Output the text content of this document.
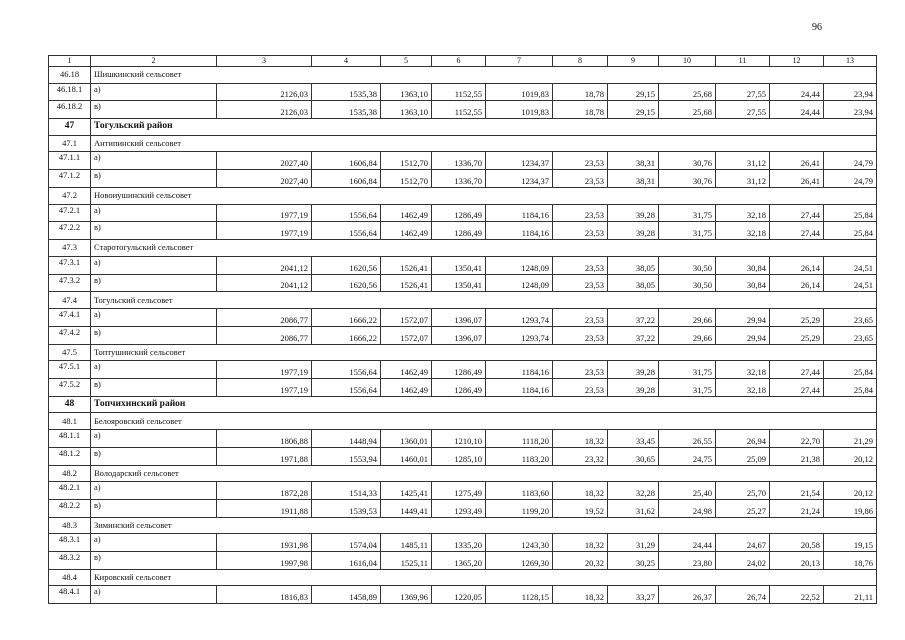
96
1	2	3	4	5	6	7	8	9	10	11	12	13
46.18	Шишкинский сельсовет											
46.18.1	а)	2126,03	1535,38	1363,10	1152,55	1019,83	18,78	29,15	25,68	27,55	24,44	23,94
46.18.2	в)	2126,03	1535,38	1363,10	1152,55	1019,83	18,78	29,15	25,68	27,55	24,44	23,94
47	Тогульский район											
47.1	Антипинский сельсовет											
47.1.1	а)	2027,40	1606,84	1512,70	1336,70	1234,37	23,53	38,31	30,76	31,12	26,41	24,79
47.1.2	в)	2027,40	1606,84	1512,70	1336,70	1234,37	23,53	38,31	30,76	31,12	26,41	24,79
47.2	Новоиушинский сельсовет											
47.2.1	а)	1977,19	1556,64	1462,49	1286,49	1184,16	23,53	39,28	31,75	32,18	27,44	25,84
47.2.2	в)	1977,19	1556,64	1462,49	1286,49	1184,16	23,53	39,28	31,75	32,18	27,44	25,84
47.3	Старотогульский сельсовет											
47.3.1	а)	2041,12	1620,56	1526,41	1350,41	1248,09	23,53	38,05	30,50	30,84	26,14	24,51
47.3.2	в)	2041,12	1620,56	1526,41	1350,41	1248,09	23,53	38,05	30,50	30,84	26,14	24,51
47.4	Тогульский сельсовет											
47.4.1	а)	2086,77	1666,22	1572,07	1396,07	1293,74	23,53	37,22	29,66	29,94	25,29	23,65
47.4.2	в)	2086,77	1666,22	1572,07	1396,07	1293,74	23,53	37,22	29,66	29,94	25,29	23,65
47.5	Топтушинский сельсовет											
47.5.1	а)	1977,19	1556,64	1462,49	1286,49	1184,16	23,53	39,28	31,75	32,18	27,44	25,84
47.5.2	в)	1977,19	1556,64	1462,49	1286,49	1184,16	23,53	39,28	31,75	32,18	27,44	25,84
48	Топчихинский район											
48.1	Белояровский сельсовет											
48.1.1	а)	1806,88	1448,94	1360,01	1210,10	1118,20	18,32	33,45	26,55	26,94	22,70	21,29
48.1.2	в)	1971,88	1553,94	1460,01	1285,10	1183,20	23,32	30,65	24,75	25,09	21,38	20,12
48.2	Володарский сельсовет											
48.2.1	а)	1872,28	1514,33	1425,41	1275,49	1183,60	18,32	32,28	25,40	25,70	21,54	20,12
48.2.2	в)	1911,88	1539,53	1449,41	1293,49	1199,20	19,52	31,62	24,98	25,27	21,24	19,86
48.3	Зиминский сельсовет											
48.3.1	а)	1931,98	1574,04	1485,11	1335,20	1243,30	18,32	31,29	24,44	24,67	20,58	19,15
48.3.2	в)	1997,98	1616,04	1525,11	1365,20	1269,30	20,32	30,25	23,80	24,02	20,13	18,76
48.4	Кировский сельсовет											
48.4.1	а)	1816,83	1458,89	1369,96	1220,05	1128,15	18,32	33,27	26,37	26,74	22,52	21,11
